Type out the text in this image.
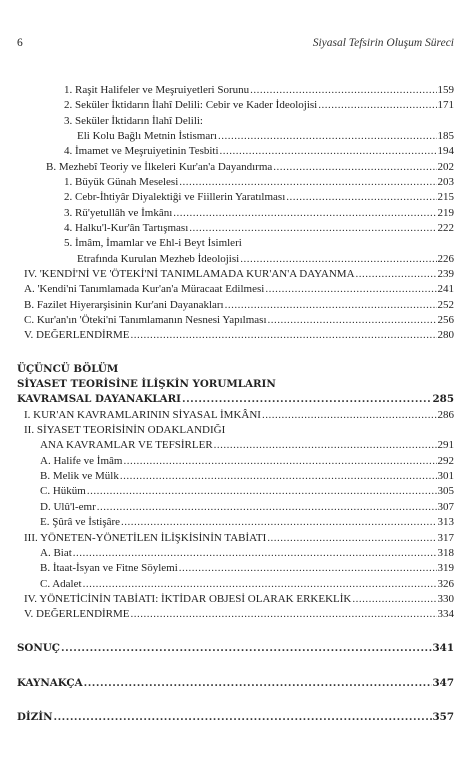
6	Siyasal Tefsirin Oluşum Süreci
1. Raşit Halifeler ve Meşruiyetleri Sorunu .....	159
2. Seküler İktidarın İlahî Delili: Cebir ve Kader İdeolojisi .....	171
3. Seküler İktidarın İlahî Delili:
Eli Kolu Bağlı Metnin İstismarı .....	185
4. İmamet ve Meşruiyetinin Tesbiti .....	194
B. Mezhebî Teoriy ve İlkeleri Kur'an'a Dayandırma .....	202
1. Büyük Günah Meselesi .....	203
2. Cebr-İhtiyâr Diyalektiği ve Fiillerin Yaratılması .....	215
3. Rü'yetullâh ve İmkânı .....	219
4. Halku'l-Kur'ân Tartışması .....	222
5. İmâm, İmamlar ve Ehl-i Beyt İsimleri
Etrafında Kurulan Mezheb İdeolojisi .....	226
IV. 'KENDİ'Nİ VE 'ÖTEKİ'Nİ TANIMLAMADA KUR'AN'A DAYANMA .....	239
A. 'Kendi'ni Tanımlamada Kur'an'a Müracaat Edilmesi .....	241
B. Fazilet Hiyerarşisinin Kur'ani Dayanakları .....	252
C. Kur'an'ın 'Öteki'ni Tanımlamanın Nesnesi Yapılması .....	256
V. DEĞERLENDİRME .....	280
ÜÇÜNCÜ BÖLÜM
SİYASET TEORİSİNE İLİŞKİN YORUMLARIN
KAVRAMSAL DAYANAKLARI .....	285
I. KUR'AN KAVRAMLARININ SİYASAL İMKÂNI .....	286
II. SİYASET TEORİSİNİN ODAKLANDIĞI
ANA KAVRAMLAR VE TEFSİRLER .....	291
A. Halife ve İmâm .....	292
B. Melik ve Mülk .....	301
C. Hüküm .....	305
D. Ulû'l-emr .....	307
E. Şûrâ ve İstişâre .....	313
III. YÖNETEN-YÖNETİLEN İLİŞKİSİNİN TABİATI .....	317
A. Biat .....	318
B. İtaat-İsyan ve Fitne Söylemi .....	319
C. Adalet .....	326
IV. YÖNETİCİNİN TABİATI: İKTİDAR OBJESİ OLARAK ERKEKLİK .....	330
V. DEĞERLENDİRME .....	334
SONUÇ .....	341
KAYNAKÇA .....	347
DİZİN .....	357
